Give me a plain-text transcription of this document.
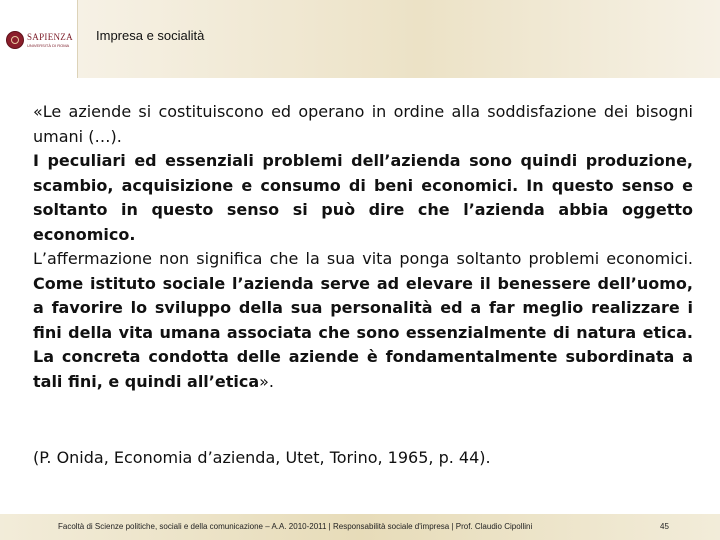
SAPIENZA
UNIVERSITÀ DI ROMA
Impresa e socialità

«Le aziende si costituiscono ed operano in ordine alla soddisfazione dei bisogni umani (…).

I peculiari ed essenziali problemi dell’azienda sono quindi produzione, scambio, acquisizione e consumo di beni economici. In questo senso e soltanto in questo senso si può dire che l’azienda abbia oggetto economico.

L’affermazione non significa che la sua vita ponga soltanto problemi economici. Come istituto sociale l’azienda serve ad elevare il benessere dell’uomo, a favorire lo sviluppo della sua personalità ed a far meglio realizzare i fini della vita umana associata che sono essenzialmente di natura etica. La concreta condotta delle aziende è fondamentalmente subordinata a tali fini, e quindi all’etica».

(P. Onida, Economia d’azienda, Utet, Torino, 1965, p. 44).
Facoltà di Scienze politiche, sociali e della comunicazione – A.A. 2010-2011 | Responsabilità sociale d'impresa | Prof. Claudio Cipollini	45
